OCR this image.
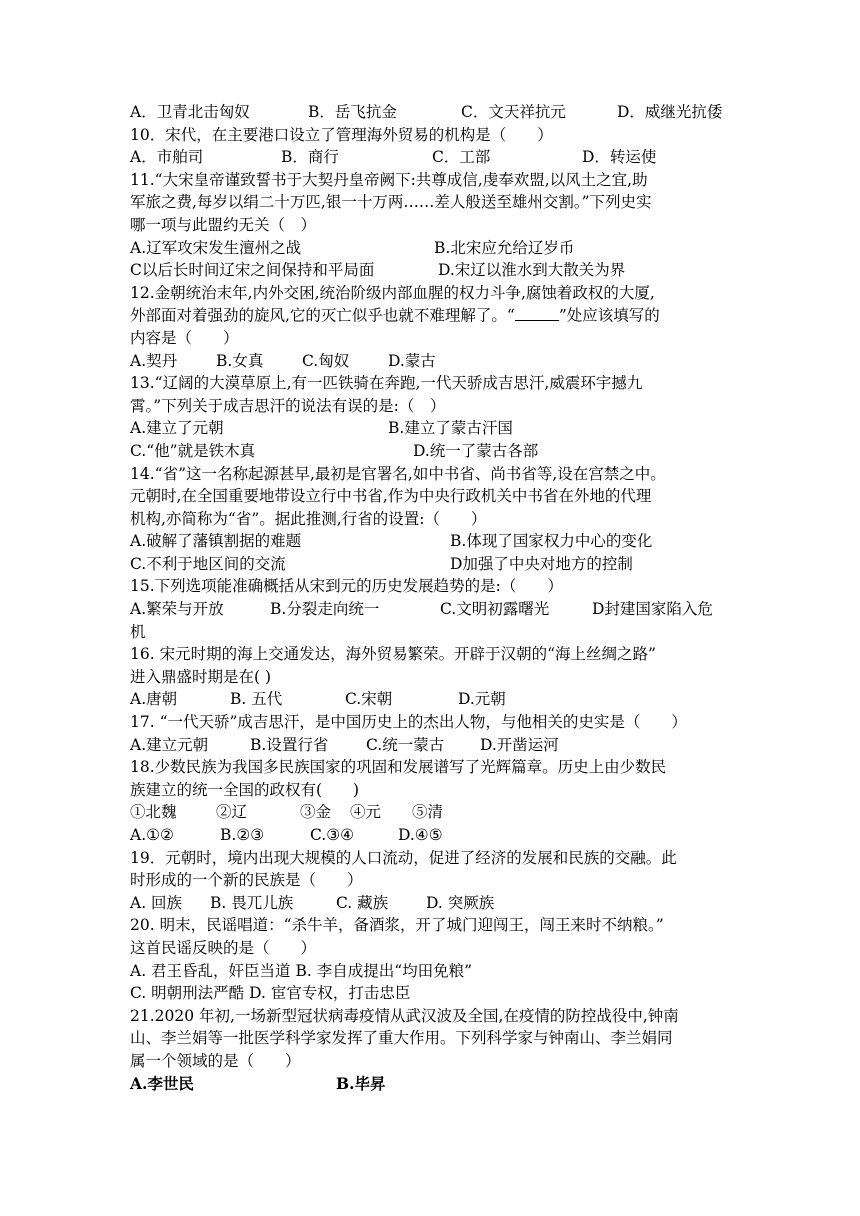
A．卫青北击匈奴	B．岳飞抗金	C．文天祥抗元	D．威继光抗倭
10．宋代，在主要港口设立了管理海外贸易的机构是（　　）
A．市舶司	B．商行	C．工部	D．转运使
11.“大宋皇帝谨致誓书于大契丹皇帝阙下:共尊成信,虔奉欢盟,以风土之宜,助
军旅之费,每岁以绢二十万匹,银一十万两……差人般送至雄州交割。”下列史实
哪一项与此盟约无关（　）
A.辽军攻宋发生澶州之战	B.北宋应允给辽岁币
C以后长时间辽宋之间保持和平局面	D.宋辽以淮水到大散关为界
12.金朝统治末年,内外交困,统治阶级内部血腥的权力斗争,腐蚀着政权的大厦,
外部面对着强劲的旋风,它的灭亡似乎也就不难理解了。“	”处应该填写的
内容是（　　）
A.契丹	B.女真 C.匈奴	D.蒙古
13.“辽阔的大漠草原上,有一匹铁骑在奔跑,一代天骄成吉思汗,威震环宇撼九
霄。”下列关于成吉思汗的说法有误的是:（　）
A.建立了元朝	B.建立了蒙古汗国
C.“他”就是铁木真	D.统一了蒙古各部
14.“省”这一名称起源甚早,最初是官署名,如中书省、尚书省等,设在宫禁之中。
元朝时,在全国重要地带设立行中书省,作为中央行政机关中书省在外地的代理
机构,亦简称为“省”。据此推测,行省的设置:（　　）
A.破解了藩镇割据的难题	B.体现了国家权力中心的变化
C.不利于地区间的交流	D加强了中央对地方的控制
15.下列选项能准确概括从宋到元的历史发展趋势的是:（　　）
A.繁荣与开放	B.分裂走向统一	C.文明初露曙光	D封建国家陷入危
机
16. 宋元时期的海上交通发达，海外贸易繁荣。开辟于汉朝的“海上丝绸之路”
进入鼎盛时期是在( )
A.唐朝	B. 五代	C.宋朝	D.元朝
17. “一代天骄”成吉思汗，是中国历史上的杰出人物，与他相关的史实是（　　）
A.建立元朝	B.设置行省 C.统一蒙古 D.开凿运河
18.少数民族为我国多民族国家的巩固和发展谱写了光辉篇章。历史上由少数民
族建立的统一全国的政权有(　　)
①北魏	②辽	③金 ④元 ⑤清
A.①②	B.②③	C.③④	D.④⑤
19．元朝时，境内出现大规模的人口流动，促进了经济的发展和民族的交融。此
时形成的一个新的民族是（　　）
A. 回族 B. 畏兀儿族	C. 藏族 D. 突厥族
20. 明末，民谣唱道：“杀牛羊，备酒浆，开了城门迎闯王，闯王来时不纳粮。”
这首民谣反映的是（　　）
A. 君王昏乱，奸臣当道 B. 李自成提出“均田免粮”
C. 明朝刑法严酷 D. 宦官专权，打击忠臣
21.2020 年初,一场新型冠状病毒疫情从武汉波及全国,在疫情的防控战役中,钟南
山、李兰娟等一批医学科学家发挥了重大作用。下列科学家与钟南山、李兰娟同
属一个领域的是（　　）
A.李世民	B.毕昇
